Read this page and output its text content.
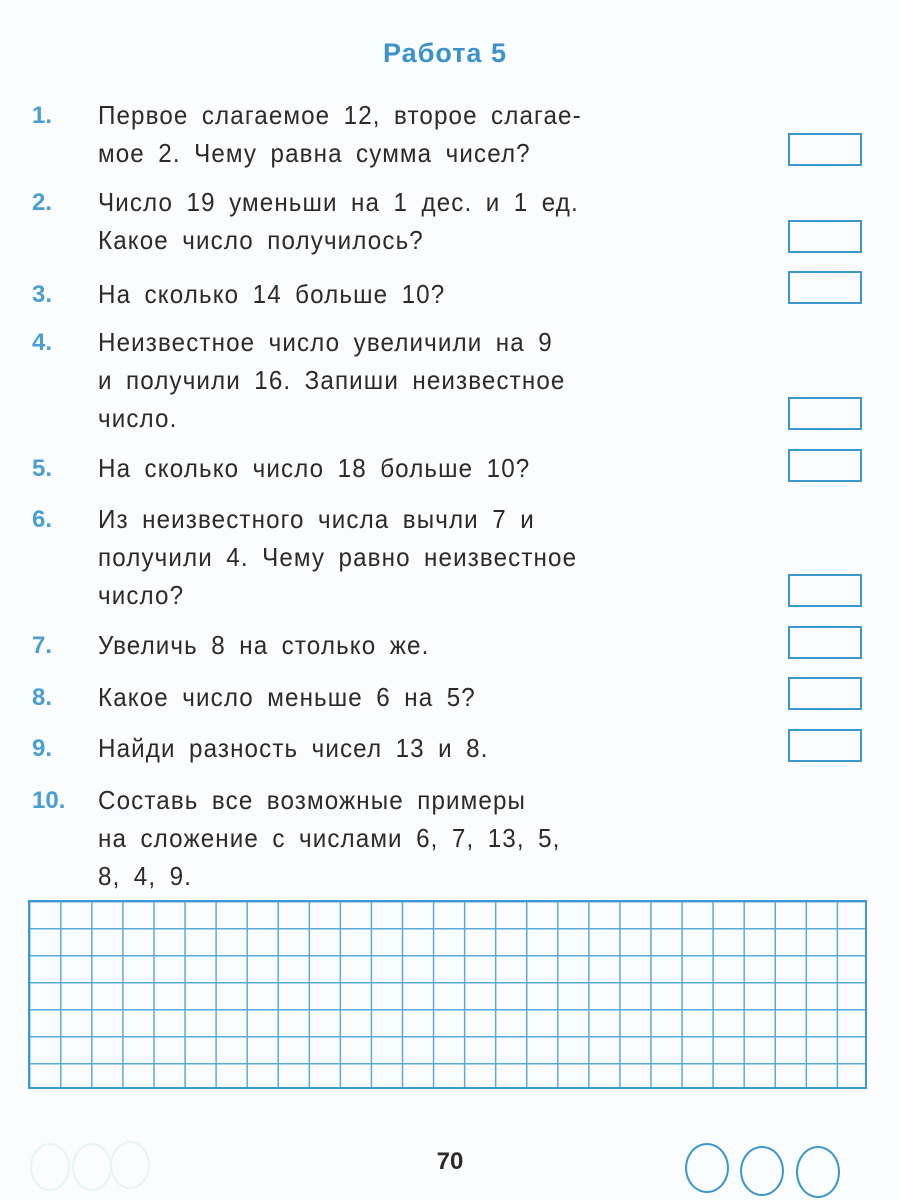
Работа 5
1. Первое слагаемое 12, второе слагае-
мое 2. Чему равна сумма чисел?
2. Число 19 уменьши на 1 дес. и 1 ед.
Какое число получилось?
3. На сколько 14 больше 10?
4. Неизвестное число увеличили на 9
и получили 16. Запиши неизвестное
число.
5. На сколько число 18 больше 10?
6. Из неизвестного числа вычли 7 и
получили 4. Чему равно неизвестное
число?
7. Увеличь 8 на столько же.
8. Какое число меньше 6 на 5?
9. Найди разность чисел 13 и 8.
10. Составь все возможные примеры
на сложение с числами 6, 7, 13, 5,
8, 4, 9.
70
